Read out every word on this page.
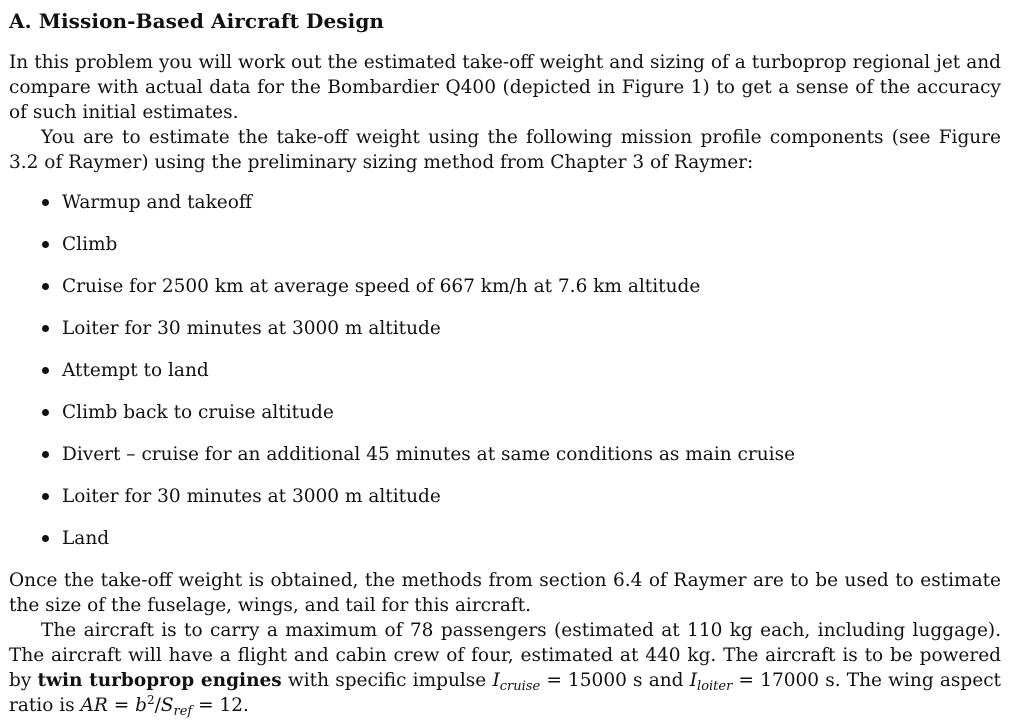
A. Mission-Based Aircraft Design

In this problem you will work out the estimated take-off weight and sizing of a turboprop regional jet and compare with actual data for the Bombardier Q400 (depicted in Figure 1) to get a sense of the accuracy of such initial estimates.

You are to estimate the take-off weight using the following mission profile components (see Figure 3.2 of Raymer) using the preliminary sizing method from Chapter 3 of Raymer:

Warmup and takeoff
Climb
Cruise for 2500 km at average speed of 667 km/h at 7.6 km altitude
Loiter for 30 minutes at 3000 m altitude
Attempt to land
Climb back to cruise altitude
Divert – cruise for an additional 45 minutes at same conditions as main cruise
Loiter for 30 minutes at 3000 m altitude
Land

Once the take-off weight is obtained, the methods from section 6.4 of Raymer are to be used to estimate the size of the fuselage, wings, and tail for this aircraft.

The aircraft is to carry a maximum of 78 passengers (estimated at 110 kg each, including luggage). The aircraft will have a flight and cabin crew of four, estimated at 440 kg. The aircraft is to be powered by twin turboprop engines with specific impulse $I_{cruise} = 15000$ s and $I_{loiter} = 17000$ s. The wing aspect ratio is AR = $b^2/S_{ref} = 12$.
